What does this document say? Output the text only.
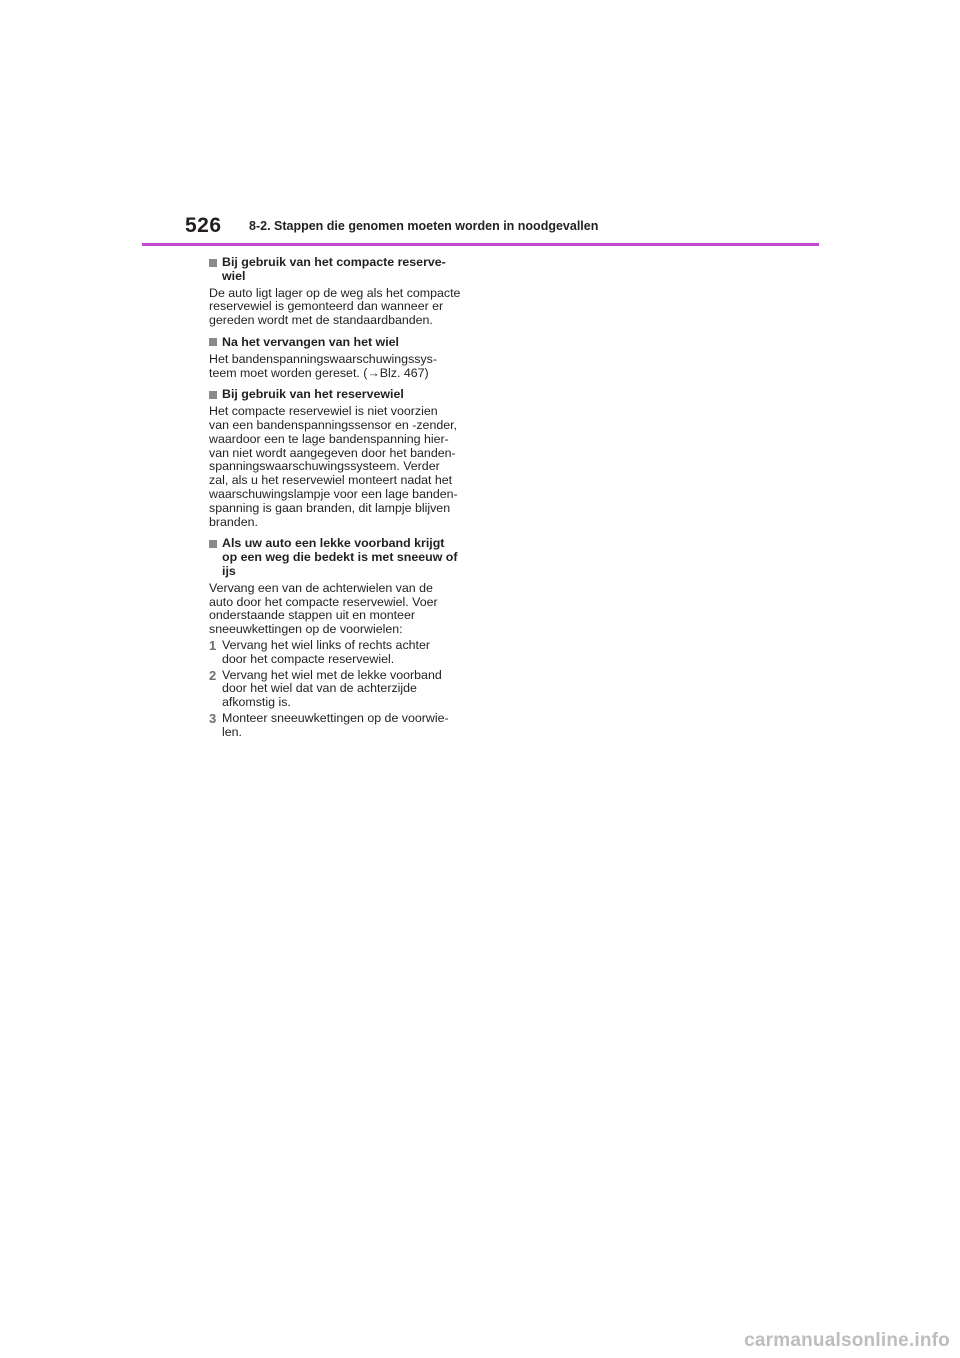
526 8-2. Stappen die genomen moeten worden in noodgevallen
Bij gebruik van het compacte reserve-
wiel

De auto ligt lager op de weg als het compacte
reservewiel is gemonteerd dan wanneer er
gereden wordt met de standaardbanden.

Na het vervangen van het wiel

Het bandenspanningswaarschuwingssys-
teem moet worden gereset. (→Blz. 467)

Bij gebruik van het reservewiel

Het compacte reservewiel is niet voorzien
van een bandenspanningssensor en -zender,
waardoor een te lage bandenspanning hier-
van niet wordt aangegeven door het banden-
spanningswaarschuwingssysteem. Verder
zal, als u het reservewiel monteert nadat het
waarschuwingslampje voor een lage banden-
spanning is gaan branden, dit lampje blijven
branden.

Als uw auto een lekke voorband krijgt
op een weg die bedekt is met sneeuw of
ijs

Vervang een van de achterwielen van de
auto door het compacte reservewiel. Voer
onderstaande stappen uit en monteer
sneeuwkettingen op de voorwielen:

1 Vervang het wiel links of rechts achter
door het compacte reservewiel.
2 Vervang het wiel met de lekke voorband
door het wiel dat van de achterzijde
afkomstig is.
3 Monteer sneeuwkettingen op de voorwie-
len.
carmanualsonline.info
